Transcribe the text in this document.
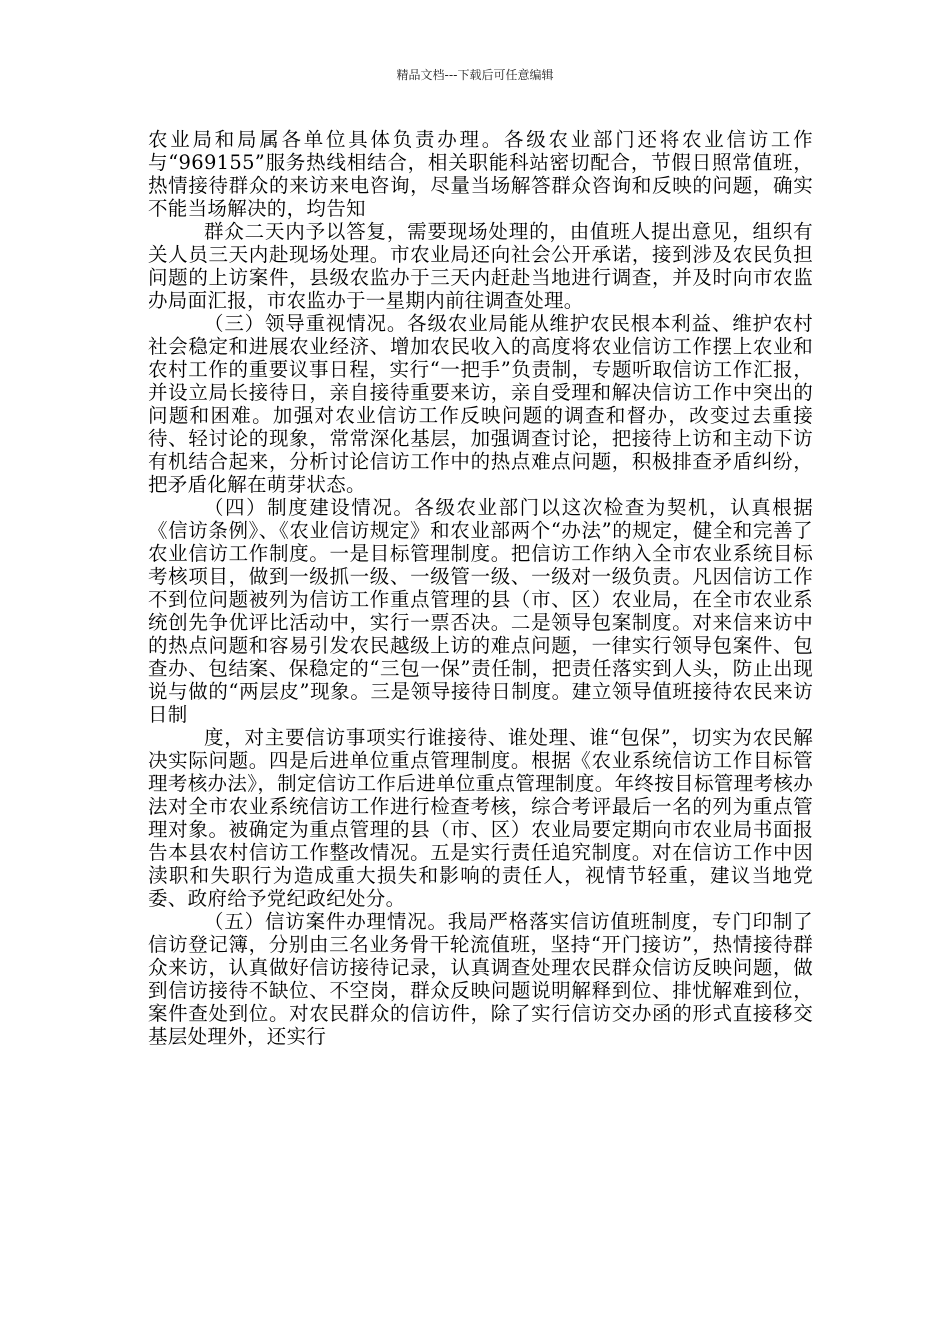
精品文档---下载后可任意编辑

农业局和局属各单位具体负责办理。各级农业部门还将农业信访工作与“969155”服务热线相结合，相关职能科站密切配合，节假日照常值班，热情接待群众的来访来电咨询，尽量当场解答群众咨询和反映的问题，确实不能当场解决的，均告知

群众二天内予以答复，需要现场处理的，由值班人提出意见，组织有关人员三天内赴现场处理。市农业局还向社会公开承诺，接到涉及农民负担问题的上访案件，县级农监办于三天内赶赴当地进行调查，并及时向市农监办局面汇报，市农监办于一星期内前往调查处理。

（三）领导重视情况。各级农业局能从维护农民根本利益、维护农村社会稳定和进展农业经济、增加农民收入的高度将农业信访工作摆上农业和农村工作的重要议事日程，实行“一把手”负责制，专题听取信访工作汇报，并设立局长接待日，亲自接待重要来访，亲自受理和解决信访工作中突出的问题和困难。加强对农业信访工作反映问题的调查和督办，改变过去重接待、轻讨论的现象，常常深化基层，加强调查讨论，把接待上访和主动下访有机结合起来，分析讨论信访工作中的热点难点问题，积极排查矛盾纠纷，把矛盾化解在萌芽状态。

（四）制度建设情况。各级农业部门以这次检查为契机，认真根据《信访条例》、《农业信访规定》和农业部两个“办法”的规定，健全和完善了农业信访工作制度。一是目标管理制度。把信访工作纳入全市农业系统目标考核项目，做到一级抓一级、一级管一级、一级对一级负责。凡因信访工作不到位问题被列为信访工作重点管理的县（市、区）农业局，在全市农业系统创先争优评比活动中，实行一票否决。二是领导包案制度。对来信来访中的热点问题和容易引发农民越级上访的难点问题，一律实行领导包案件、包查办、包结案、保稳定的“三包一保”责任制，把责任落实到人头，防止出现说与做的“两层皮”现象。三是领导接待日制度。建立领导值班接待农民来访日制

度，对主要信访事项实行谁接待、谁处理、谁“包保”，切实为农民解决实际问题。四是后进单位重点管理制度。根据《农业系统信访工作目标管理考核办法》，制定信访工作后进单位重点管理制度。年终按目标管理考核办法对全市农业系统信访工作进行检查考核，综合考评最后一名的列为重点管理对象。被确定为重点管理的县（市、区）农业局要定期向市农业局书面报告本县农村信访工作整改情况。五是实行责任追究制度。对在信访工作中因渎职和失职行为造成重大损失和影响的责任人，视情节轻重，建议当地党委、政府给予党纪政纪处分。

（五）信访案件办理情况。我局严格落实信访值班制度，专门印制了信访登记簿，分别由三名业务骨干轮流值班，坚持“开门接访”，热情接待群众来访，认真做好信访接待记录，认真调查处理农民群众信访反映问题，做到信访接待不缺位、不空岗，群众反映问题说明解释到位、排忧解难到位，案件查处到位。对农民群众的信访件，除了实行信访交办函的形式直接移交基层处理外，还实行
